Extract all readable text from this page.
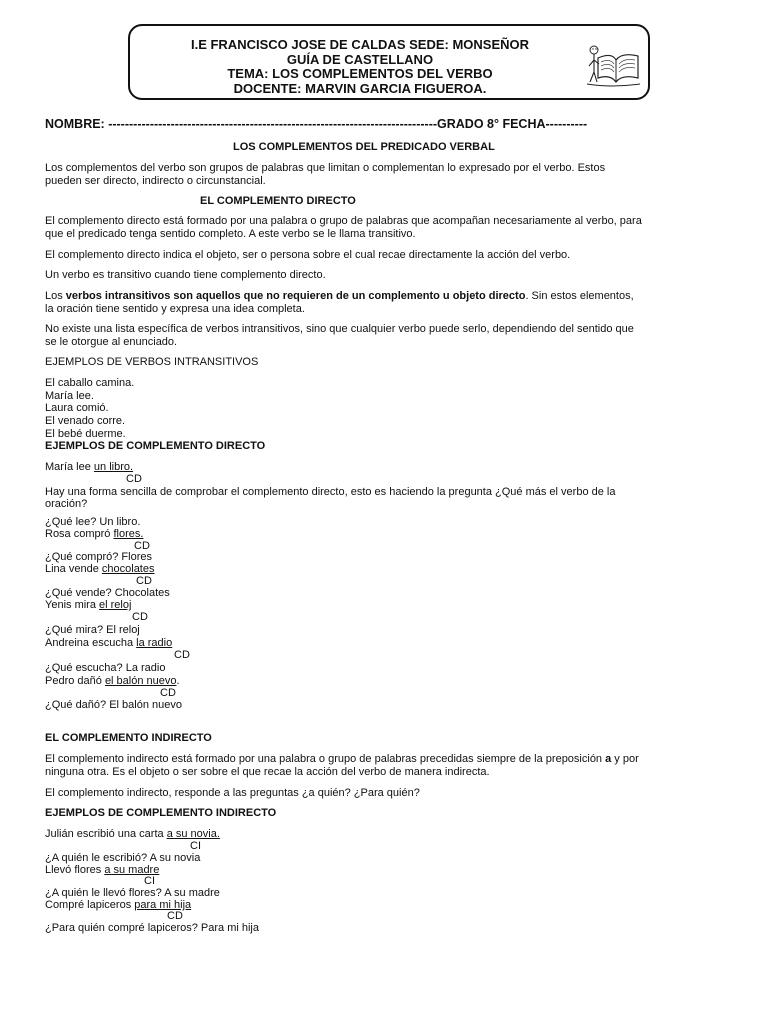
I.E FRANCISCO JOSE DE CALDAS SEDE: MONSEÑOR
GUÍA DE CASTELLANO
TEMA: LOS COMPLEMENTOS DEL VERBO
DOCENTE: MARVIN GARCIA FIGUEROA.
NOMBRE: -------------------------------------------------------------------------------GRADO 8° FECHA----------
LOS COMPLEMENTOS DEL PREDICADO VERBAL
Los complementos del verbo son grupos de palabras que limitan o complementan lo expresado por el verbo. Estos
pueden ser directo, indirecto o circunstancial.
EL COMPLEMENTO DIRECTO
El complemento directo está formado por una palabra o grupo de palabras que acompañan necesariamente al verbo, para
que el predicado tenga sentido completo. A este verbo se le llama transitivo.
El complemento directo indica el objeto, ser o persona sobre el cual recae directamente la acción del verbo.
Un verbo es transitivo cuando tiene complemento directo.
Los verbos intransitivos son aquellos que no requieren de un complemento u objeto directo. Sin estos elementos,
la oración tiene sentido y expresa una idea completa.
No existe una lista específica de verbos intransitivos, sino que cualquier verbo puede serlo, dependiendo del sentido que
se le otorgue al enunciado.
EJEMPLOS DE VERBOS INTRANSITIVOS
El caballo camina.
María lee.
Laura comió.
El venado corre.
El bebé duerme.
EJEMPLOS DE COMPLEMENTO DIRECTO
María lee un libro.
CD
Hay una forma sencilla de comprobar el complemento directo, esto es haciendo la pregunta ¿Qué más el verbo de la
oración?
¿Qué lee? Un libro.
Rosa compró flores.
CD
¿Qué compró? Flores
Lina vende chocolates
CD
¿Qué vende? Chocolates
Yenis mira el reloj
CD
¿Qué mira? El reloj
Andreina escucha la radio
CD
¿Qué escucha? La radio
Pedro dañó el balón nuevo.
CD
¿Qué dañó? El balón nuevo
EL COMPLEMENTO INDIRECTO
El complemento indirecto está formado por una palabra o grupo de palabras precedidas siempre de la preposición a y por
ninguna otra. Es el objeto o ser sobre el que recae la acción del verbo de manera indirecta.
El complemento indirecto, responde a las preguntas ¿a quién? ¿Para quién?
EJEMPLOS DE COMPLEMENTO INDIRECTO
Julián escribió una carta a su novia.
CI
¿A quién le escribió? A su novia
Llevó flores a su madre
CI
¿A quién le llevó flores? A su madre
Compré lapiceros para mi hija
CD
¿Para quién compré lapiceros? Para mi hija
